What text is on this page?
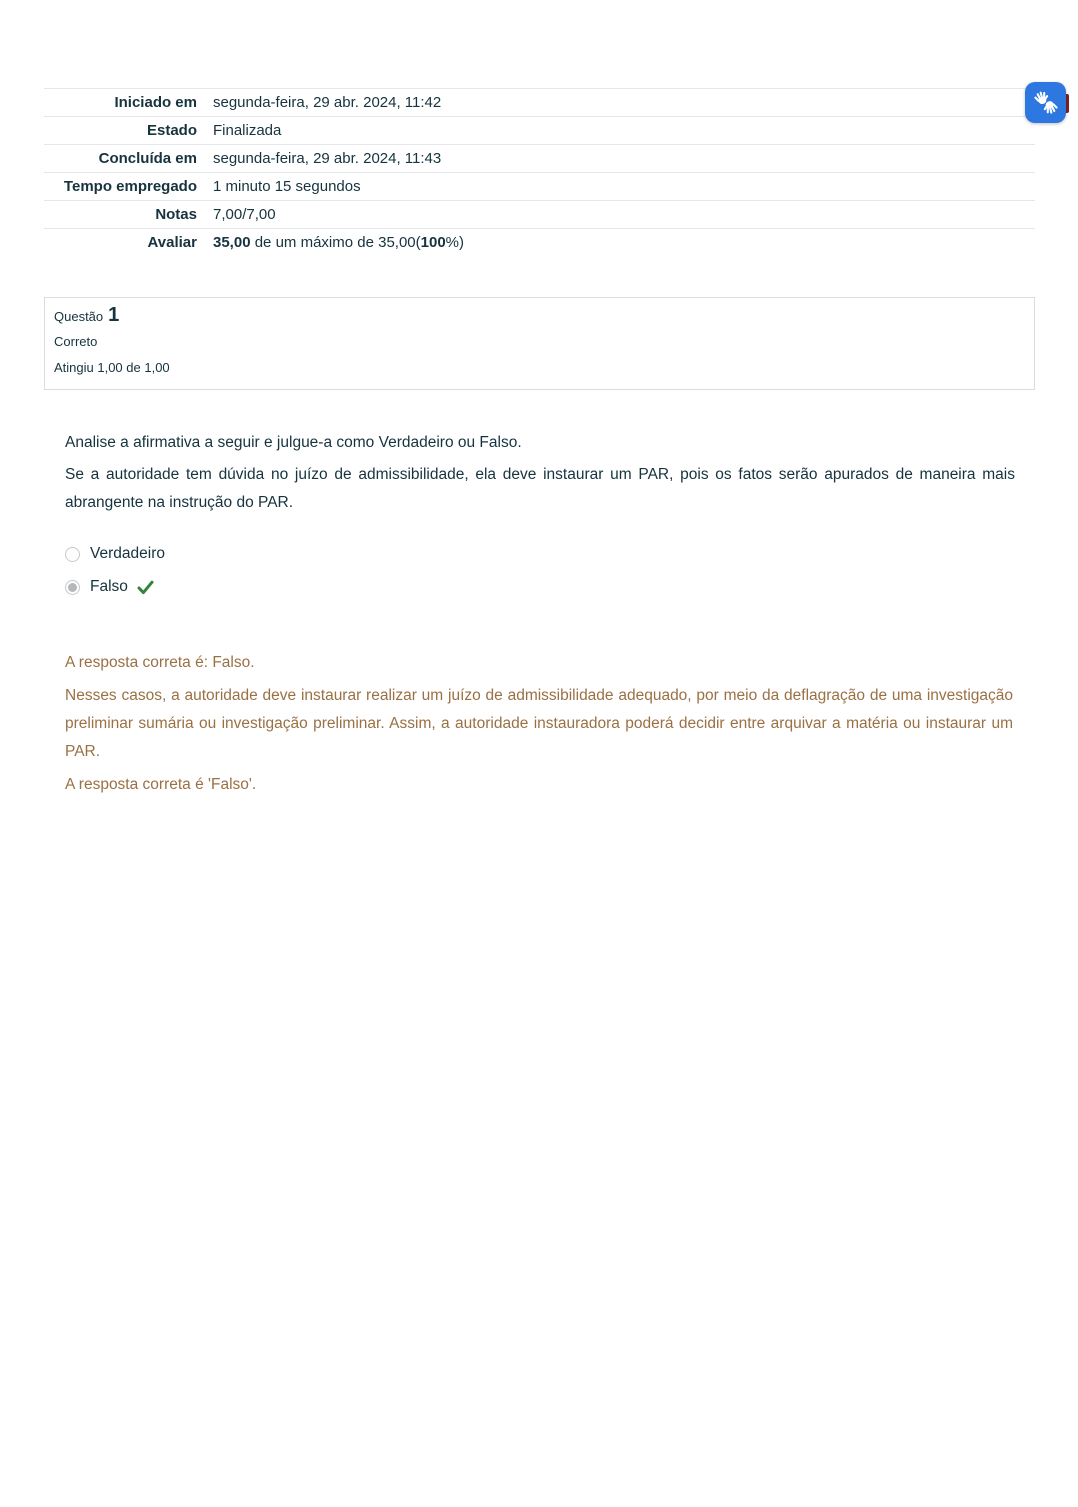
Iniciado em	segunda-feira, 29 abr. 2024, 11:42
Estado	Finalizada
Concluída em	segunda-feira, 29 abr. 2024, 11:43
Tempo empregado	1 minuto 15 segundos
Notas	7,00/7,00
Avaliar	35,00 de um máximo de 35,00(100%)
Questão 1
Correto
Atingiu 1,00 de 1,00

Analise a afirmativa a seguir e julgue-a como Verdadeiro ou Falso.

Se a autoridade tem dúvida no juízo de admissibilidade, ela deve instaurar um PAR, pois os fatos serão apurados de maneira mais abrangente na instrução do PAR.

Verdadeiro
Falso

A resposta correta é: Falso.

Nesses casos, a autoridade deve instaurar realizar um juízo de admissibilidade adequado, por meio da deflagração de uma investigação preliminar sumária ou investigação preliminar. Assim, a autoridade instauradora poderá decidir entre arquivar a matéria ou instaurar um PAR.

A resposta correta é 'Falso'.
